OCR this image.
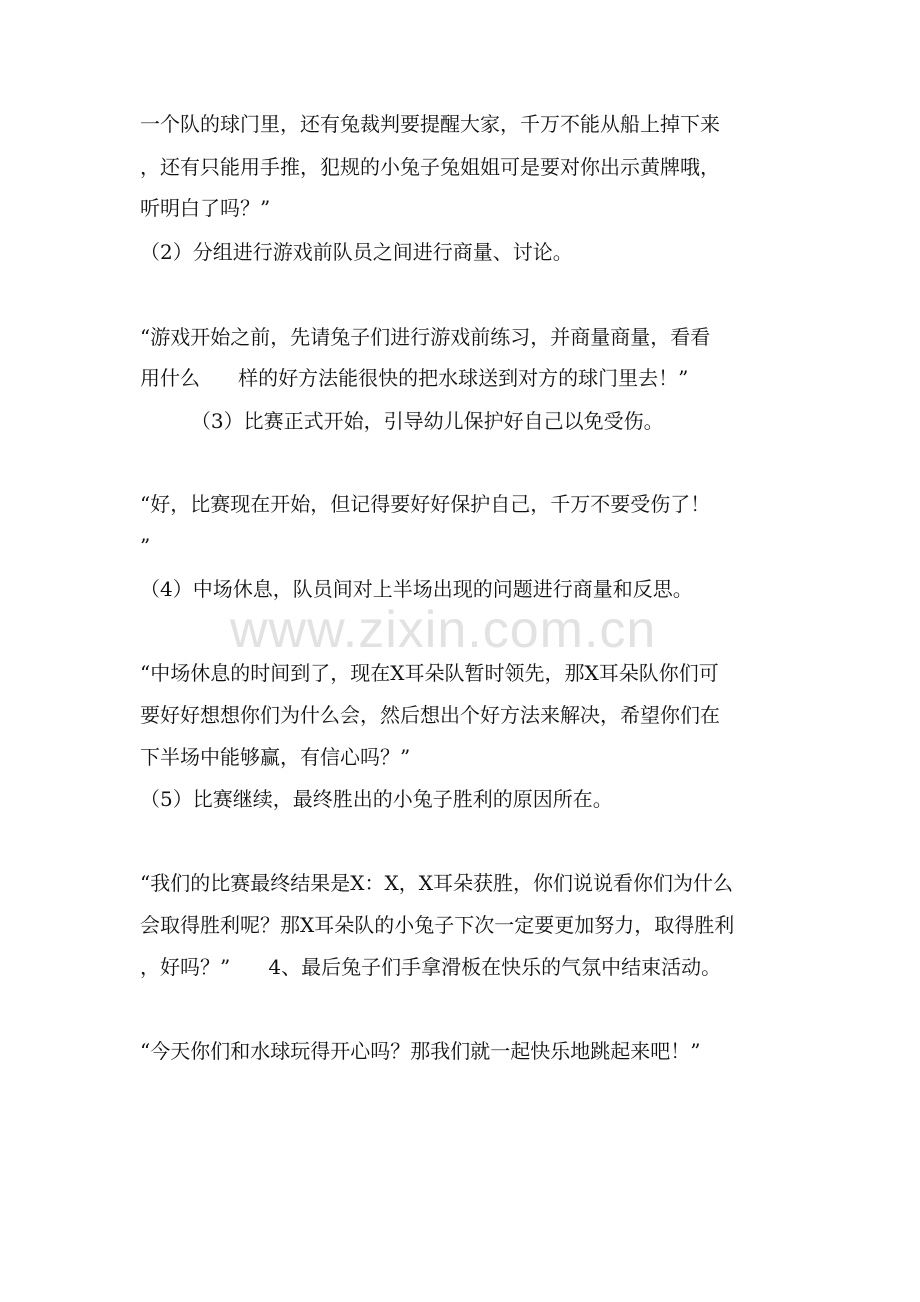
一个队的球门里，还有兔裁判要提醒大家，千万不能从船上掉下来
，还有只能用手推，犯规的小兔子兔姐姐可是要对你出示黄牌哦，
听明白了吗？”
（2）分组进行游戏前队员之间进行商量、讨论。
“游戏开始之前，先请兔子们进行游戏前练习，并商量商量，看看
用什么      样的好方法能很快的把水球送到对方的球门里去！”
（3）比赛正式开始，引导幼儿保护好自己以免受伤。
“好，比赛现在开始，但记得要好好保护自己，千万不要受伤了！
”
（4）中场休息，队员间对上半场出现的问题进行商量和反思。
www.zixin.com.cn
“中场休息的时间到了，现在X耳朵队暂时领先，那X耳朵队你们可
要好好想想你们为什么会，然后想出个好方法来解决，希望你们在
下半场中能够赢，有信心吗？”
（5）比赛继续，最终胜出的小兔子胜利的原因所在。
“我们的比赛最终结果是X：X，X耳朵获胜，你们说说看你们为什么
会取得胜利呢？那X耳朵队的小兔子下次一定要更加努力，取得胜利
，好吗？”      4、最后兔子们手拿滑板在快乐的气氛中结束活动。
“今天你们和水球玩得开心吗？那我们就一起快乐地跳起来吧！”
